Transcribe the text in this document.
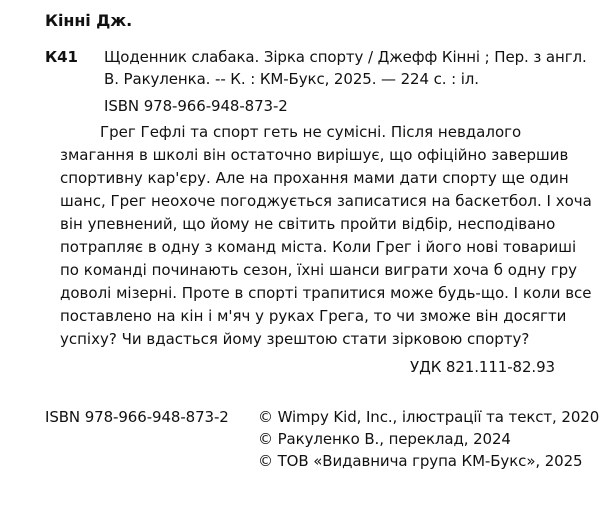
Кінні Дж.
К41 Щоденник слабака. Зірка спорту / Джефф Кінні ; Пер. з англ.
В. Ракуленка. -- К. : КМ-Букс, 2025. — 224 с. : іл.
ISBN 978-966-948-873-2
Грег Гефлі та спорт геть не сумісні. Після невдалого
змагання в школі він остаточно вирішує, що офіційно завершив
спортивну кар'єру. Але на прохання мами дати спорту ще один
шанс, Грег неохоче погоджується записатися на баскетбол. І хоча
він упевнений, що йому не світить пройти відбір, несподівано
потрапляє в одну з команд міста. Коли Грег і його нові товариші
по команді починають сезон, їхні шанси виграти хоча б одну гру
доволі мізерні. Проте в спорті трапитися може будь-що. І коли все
поставлено на кін і м'яч у руках Грега, то чи зможе він досягти
успіху? Чи вдасться йому зрештою стати зірковою спорту?
УДК 821.111-82.93
ISBN 978-966-948-873-2 © Wimpy Kid, Inc., ілюстрації та текст, 2020
© Ракуленко В., переклад, 2024
© ТОВ «Видавнича група КМ-Букс», 2025
